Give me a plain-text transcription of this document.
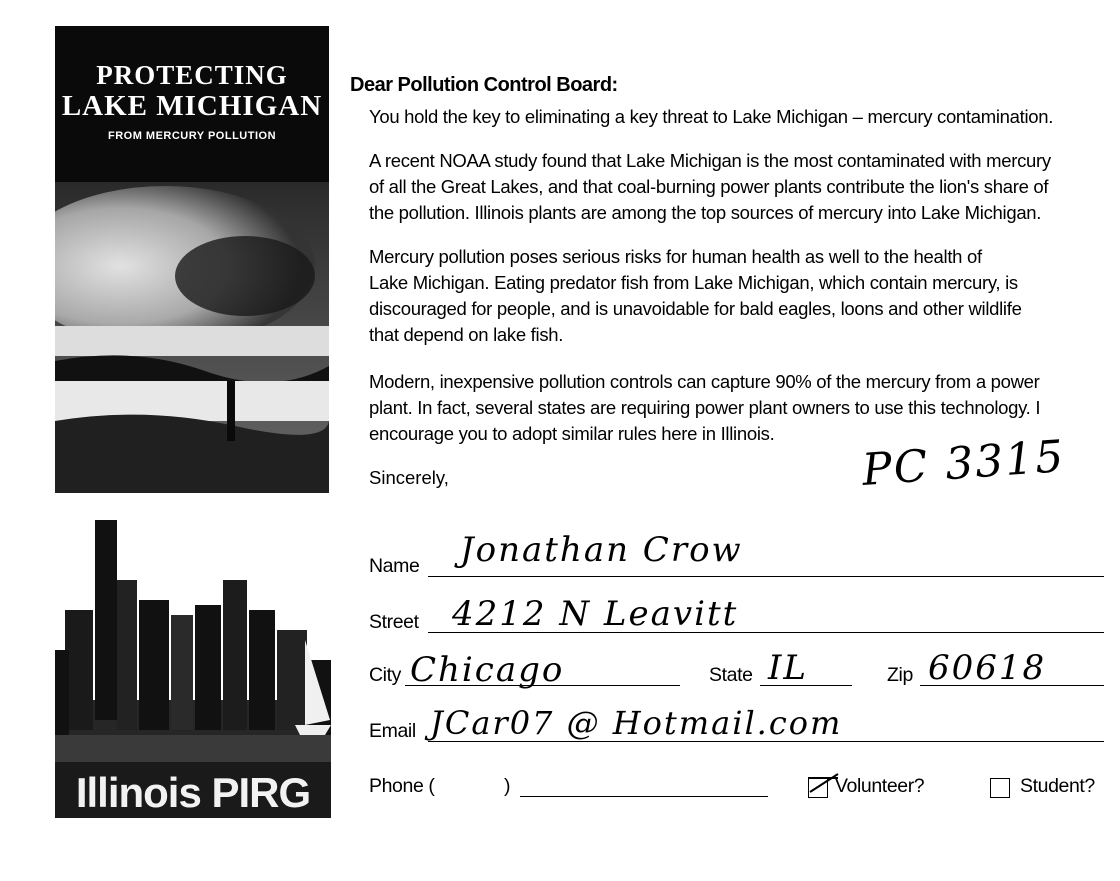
PROTECTING
LAKE MICHIGAN
FROM MERCURY POLLUTION
Illinois PIRG
Dear Pollution Control Board:
You hold the key to eliminating a key threat to Lake Michigan – mercury contamination.
A recent NOAA study found that Lake Michigan is the most contaminated with mercury
of all the Great Lakes, and that coal-burning power plants contribute the lion's share of
the pollution. Illinois plants are among the top sources of mercury into Lake Michigan.
Mercury pollution poses serious risks for human health as well to the health of
Lake Michigan. Eating predator fish from Lake Michigan, which contain mercury, is
discouraged for people, and is unavoidable for bald eagles, loons and other wildlife
that depend on lake fish.
Modern, inexpensive pollution controls can capture 90% of the mercury from a power
plant. In fact, several states are requiring power plant owners to use this technology. I
encourage you to adopt similar rules here in Illinois.
Sincerely,	PC 3315
Name Jonathan Crow
Street 4212 N Leavitt
City Chicago	State IL	Zip 60618
Email JCar07 @ Hotmail.com
Phone (	)	Volunteer?	Student?
